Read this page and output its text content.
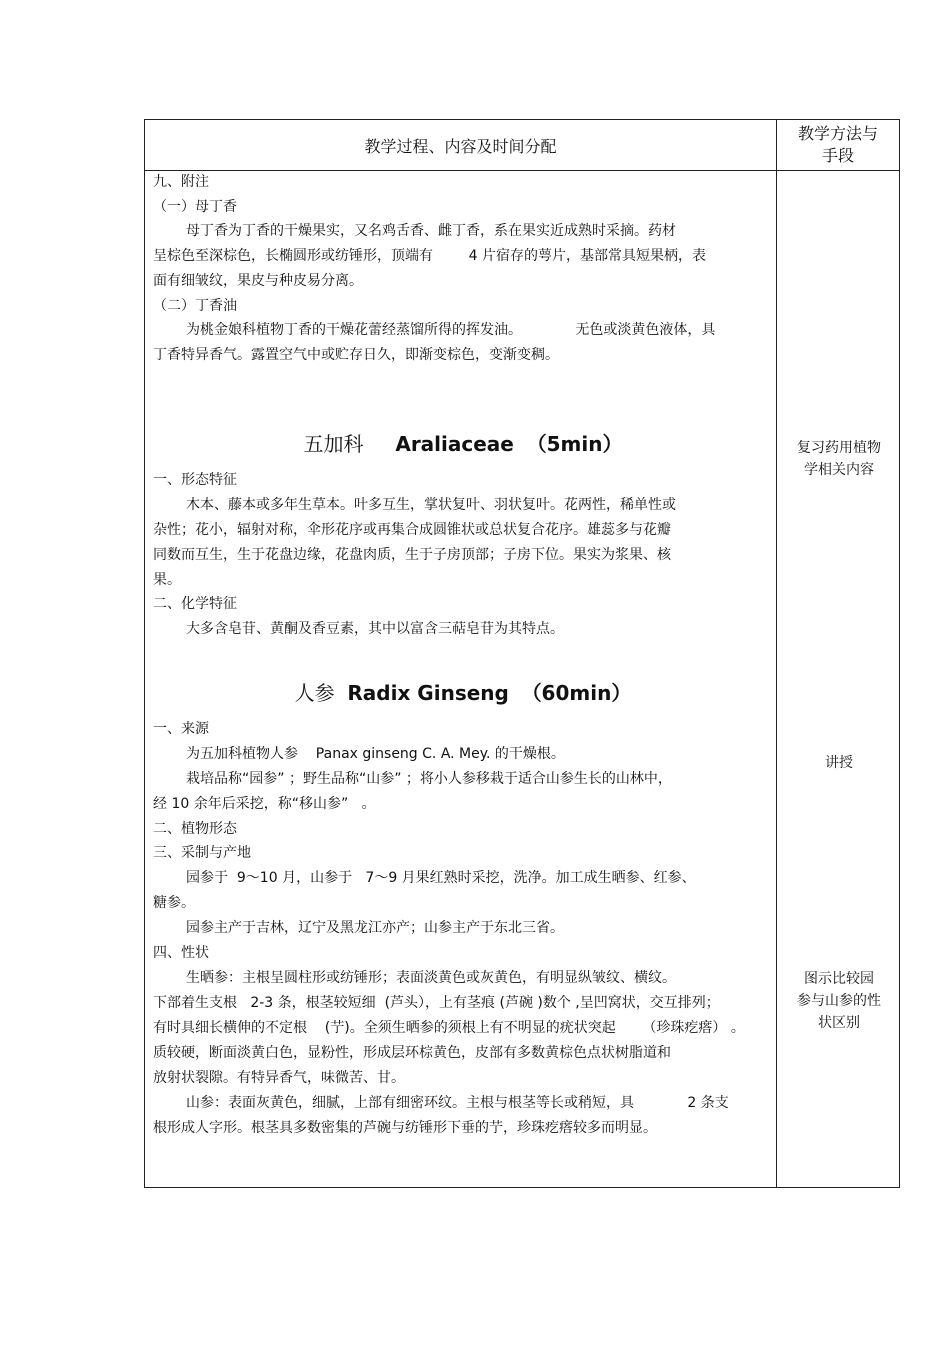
教学过程、内容及时间分配
教学方法与
手段
九、附注
（一）母丁香
母丁香为丁香的干燥果实，又名鸡舌香、雌丁香，系在果实近成熟时采摘。药材
呈棕色至深棕色，长椭圆形或纺锤形，顶端有        4 片宿存的萼片，基部常具短果柄，表
面有细皱纹，果皮与种皮易分离。
（二）丁香油
为桃金娘科植物丁香的干燥花蕾经蒸馏所得的挥发油。            无色或淡黄色液体，具
丁香特异香气。露置空气中或贮存日久，即渐变棕色，变渐变稠。
五加科 Araliaceae （5min）
一、形态特征
木本、藤本或多年生草本。叶多互生，掌状复叶、羽状复叶。花两性，稀单性或
杂性；花小，辐射对称，伞形花序或再集合成圆锥状或总状复合花序。雄蕊多与花瓣
同数而互生，生于花盘边缘，花盘肉质，生于子房顶部；子房下位。果实为浆果、核
果。
二、化学特征
大多含皂苷、黄酮及香豆素，其中以富含三萜皂苷为其特点。
人参 Radix Ginseng （60min）
一、来源
为五加科植物人参    Panax ginseng C. A. Mey. 的干燥根。
栽培品称“园参” ；野生品称“山参” ；将小人参移栽于适合山参生长的山林中，
经 10 余年后采挖，称“移山参”   。
二、植物形态
三、采制与产地
园参于  9～10 月，山参于   7～9 月果红熟时采挖，洗净。加工成生晒参、红参、
糖参。
园参主产于吉林，辽宁及黑龙江亦产；山参主产于东北三省。
四、性状
生晒参：主根呈圆柱形或纺锤形；表面淡黄色或灰黄色，有明显纵皱纹、横纹。
下部着生支根   2-3 条，根茎较短细  (芦头），上有茎痕 (芦碗 )数个 ,呈凹窝状，交互排列；
有时具细长横伸的不定根    (艼)。全须生晒参的须根上有不明显的疣状突起      （珍珠疙瘩） 。
质较硬，断面淡黄白色，显粉性，形成层环棕黄色，皮部有多数黄棕色点状树脂道和
放射状裂隙。有特异香气，味微苦、甘。
山参：表面灰黄色，细腻，上部有细密环纹。主根与根茎等长或稍短，具            2 条支
根形成人字形。根茎具多数密集的芦碗与纺锤形下垂的艼，珍珠疙瘩较多而明显。
复习药用植物
学相关内容
讲授
图示比较园
参与山参的性
状区别
